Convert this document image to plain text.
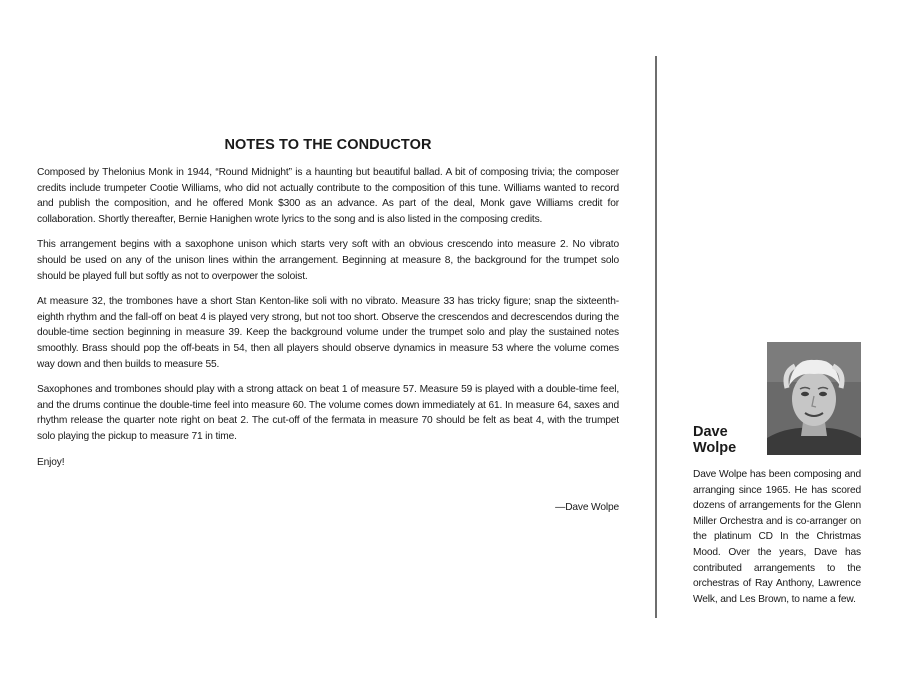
NOTES TO THE CONDUCTOR

Composed by Thelonius Monk in 1944, “Round Midnight” is a haunting but beautiful ballad. A bit of composing trivia; the composer credits include trumpeter Cootie Williams, who did not actually contribute to the composition of this tune. Williams wanted to record and publish the composition, and he offered Monk $300 as an advance. As part of the deal, Monk gave Williams credit for collaboration. Shortly thereafter, Bernie Hanighen wrote lyrics to the song and is also listed in the composing credits.

This arrangement begins with a saxophone unison which starts very soft with an obvious crescendo into measure 2. No vibrato should be used on any of the unison lines within the arrangement. Beginning at measure 8, the background for the trumpet solo should be played full but softly as not to overpower the soloist.

At measure 32, the trombones have a short Stan Kenton-like soli with no vibrato. Measure 33 has tricky figure; snap the sixteenth-eighth rhythm and the fall-off on beat 4 is played very strong, but not too short. Observe the crescendos and decrescendos during the double-time section beginning in measure 39. Keep the background volume under the trumpet solo and play the sustained notes smoothly. Brass should pop the off-beats in 54, then all players should observe dynamics in measure 53 where the volume comes way down and then builds to measure 55.

Saxophones and trombones should play with a strong attack on beat 1 of measure 57. Measure 59 is played with a double-time feel, and the drums continue the double-time feel into measure 60. The volume comes down immediately at 61. In measure 64, saxes and rhythm release the quarter note right on beat 2. The cut-off of the fermata in measure 70 should be felt as beat 4, with the trumpet solo playing the pickup to measure 71 in time.

Enjoy!

—Dave Wolpe
Dave
Wolpe
Dave Wolpe has been composing and arranging since 1965. He has scored dozens of arrangements for the Glenn Miller Orchestra and is co-arranger on the platinum CD In the Christmas Mood. Over the years, Dave has contributed arrangements to the orchestras of Ray Anthony, Lawrence Welk, and Les Brown, to name a few.
